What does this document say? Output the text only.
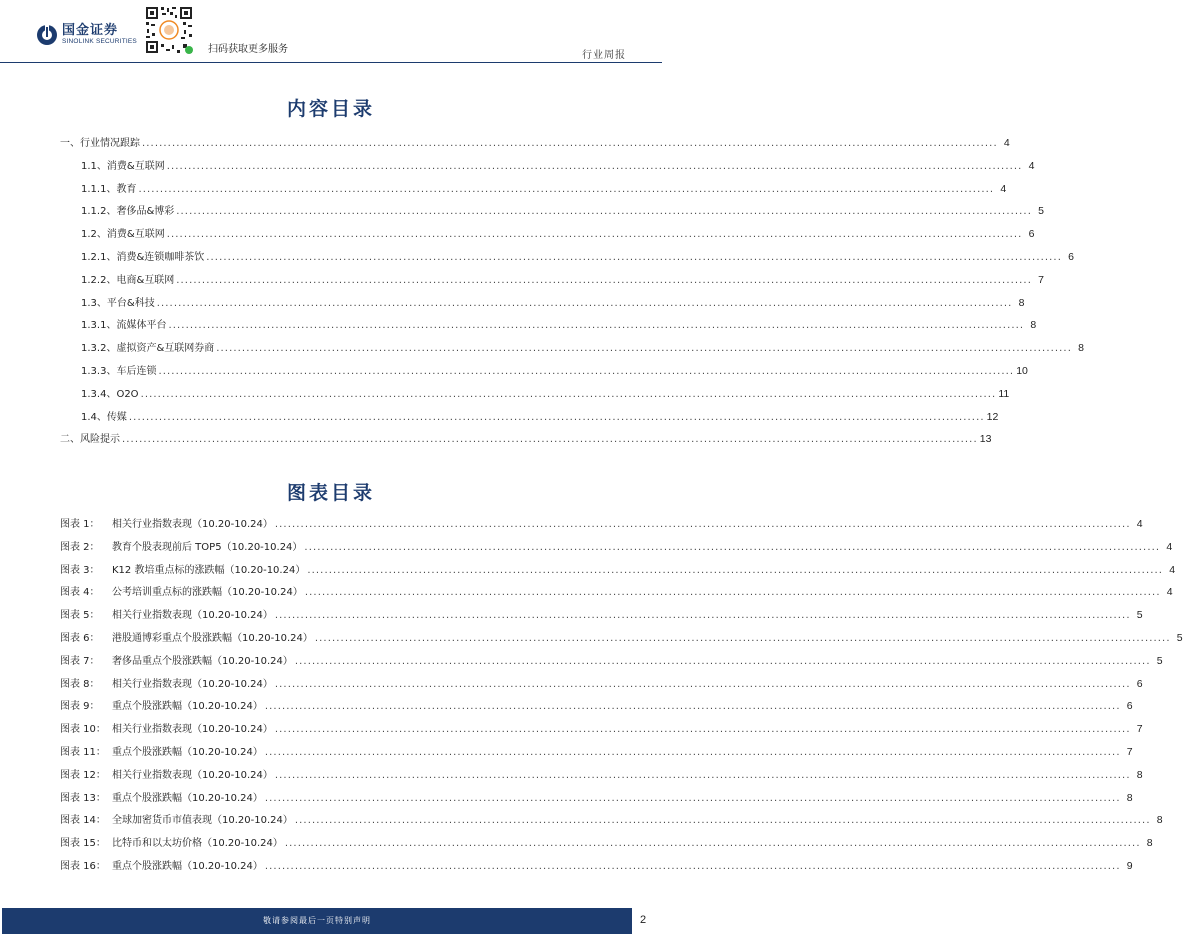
国金证券
SINOLINK SECURITIES
扫码获取更多服务
行业周报
内容目录
一、行业情况跟踪 ........................................................................................................................................................................................................ 4
1.1、消费&互联网 ........................................................................................................................................................................................................ 4
1.1.1、教育 ........................................................................................................................................................................................................ 4
1.1.2、奢侈品&博彩 ........................................................................................................................................................................................................ 5
1.2、消费&互联网 ........................................................................................................................................................................................................ 6
1.2.1、消费&连锁咖啡茶饮 ........................................................................................................................................................................................................ 6
1.2.2、电商&互联网 ........................................................................................................................................................................................................ 7
1.3、平台&科技 ........................................................................................................................................................................................................ 8
1.3.1、流媒体平台 ........................................................................................................................................................................................................ 8
1.3.2、虚拟资产&互联网券商 ........................................................................................................................................................................................................ 8
1.3.3、车后连锁 ........................................................................................................................................................................................................ 10
1.3.4、O2O ........................................................................................................................................................................................................ 11
1.4、传媒 ........................................................................................................................................................................................................ 12
二、风险提示 ........................................................................................................................................................................................................ 13
图表目录
图表 1：	相关行业指数表现（10.20-10.24） ........................................................................................................................................................................................................ 4
图表 2：	教育个股表现前后 TOP5（10.20-10.24） ........................................................................................................................................................................................................ 4
图表 3：	K12 教培重点标的涨跌幅（10.20-10.24） ........................................................................................................................................................................................................ 4
图表 4：	公考培训重点标的涨跌幅（10.20-10.24） ........................................................................................................................................................................................................ 4
图表 5：	相关行业指数表现（10.20-10.24） ........................................................................................................................................................................................................ 5
图表 6：	港股通博彩重点个股涨跌幅（10.20-10.24） ........................................................................................................................................................................................................ 5
图表 7：	奢侈品重点个股涨跌幅（10.20-10.24） ........................................................................................................................................................................................................ 5
图表 8：	相关行业指数表现（10.20-10.24） ........................................................................................................................................................................................................ 6
图表 9：	重点个股涨跌幅（10.20-10.24） ........................................................................................................................................................................................................ 6
图表 10： 相关行业指数表现（10.20-10.24） ........................................................................................................................................................................................................ 7
图表 11： 重点个股涨跌幅（10.20-10.24） ........................................................................................................................................................................................................ 7
图表 12： 相关行业指数表现（10.20-10.24） ........................................................................................................................................................................................................ 8
图表 13： 重点个股涨跌幅（10.20-10.24） ........................................................................................................................................................................................................ 8
图表 14： 全球加密货币市值表现（10.20-10.24） ........................................................................................................................................................................................................ 8
图表 15： 比特币和以太坊价格（10.20-10.24） ........................................................................................................................................................................................................ 8
图表 16： 重点个股涨跌幅（10.20-10.24） ........................................................................................................................................................................................................ 9
敬请参阅最后一页特别声明	2
